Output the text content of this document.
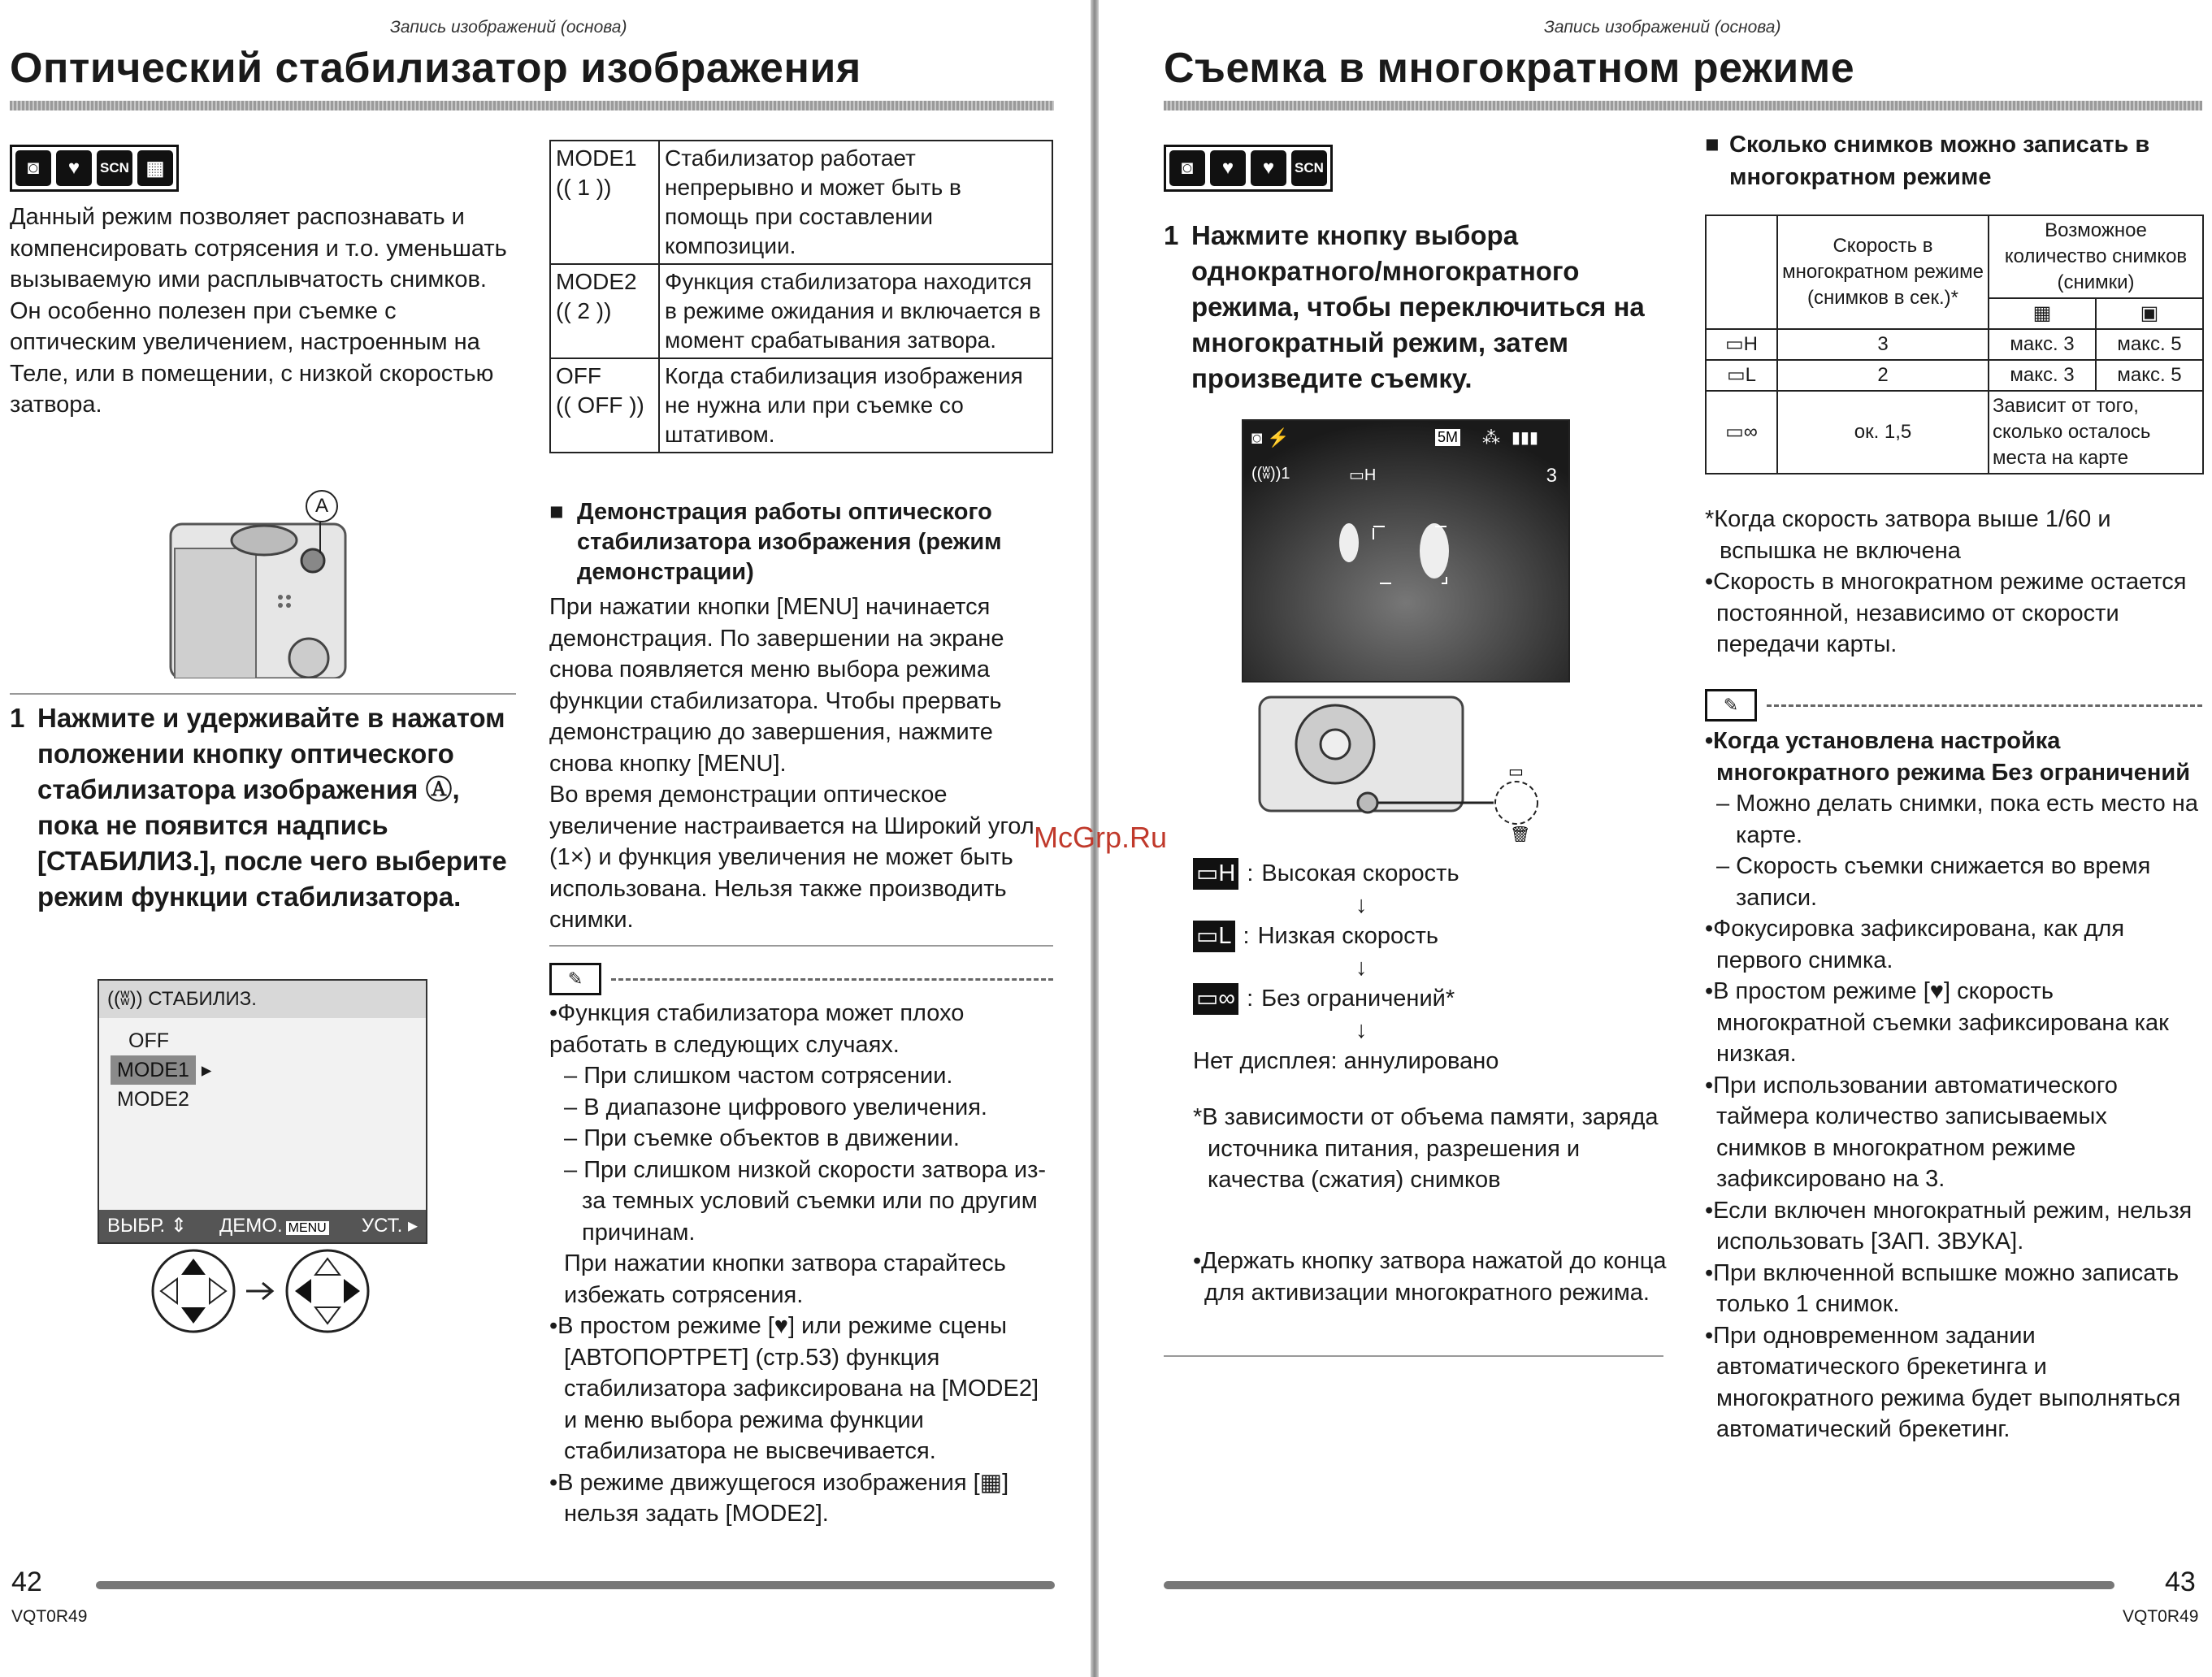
Запись изображений (основа)
Оптический стабилизатор изображения
◙	♥	SCN ▦
Данный режим позволяет распознавать и компенсировать сотрясения и т.о. уменьшать вызываемую ими расплывчатость снимков. Он особенно полезен при съемке с оптическим увеличением, настроенным на Теле, или в помещении, с низкой скоростью затвора.
A
1 Нажмите и удерживайте в нажатом положении кнопку оптического стабилизатора изображения Ⓐ, пока не появится надпись [СТАБИЛИЗ.], после чего выберите режим функции стабилизатора.
((ʬ)) СТАБИЛИЗ.
OFF
MODE1 ▸
MODE2
ВЫБР. ⇕ ДЕМО. MENU УСТ. ▸
MODE1
(( 1 ))	Стабилизатор работает непрерывно и может быть в помощь при составлении композиции.

MODE2
(( 2 ))	Функция стабилизатора находится в режиме ожидания и включается в момент срабатывания затвора.

OFF
(( OFF ))	Когда стабилизация изображения не нужна или при съемке со штативом.
■ Демонстрация работы оптического стабилизатора изображения (режим демонстрации)

При нажатии кнопки [MENU] начинается демонстрация. По завершении на экране снова появляется меню выбора режима функции стабилизатора. Чтобы прервать демонстрацию до завершения, нажмите снова кнопку [MENU].

Во время демонстрации оптическое увеличение настраивается на Широкий угол (1×) и функция увеличения не может быть использована. Нельзя также производить снимки.

✎

•Функция стабилизатора может плохо работать в следующих случаях.

– При слишком частом сотрясении.

– В диапазоне цифрового увеличения.

– При съемке объектов в движении.

– При слишком низкой скорости затвора из-за темных условий съемки или по другим причинам.

При нажатии кнопки затвора старайтесь избежать сотрясения.

•В простом режиме [♥] или режиме сцены [АВТОПОРТРЕТ] (стр.53) функция стабилизатора зафиксирована на [MODE2] и меню выбора режима функции стабилизатора не высвечивается.

•В режиме движущегося изображения [▦] нельзя задать [MODE2].

42
VQT0R49
McGrp.Ru
Запись изображений (основа)
Съемка в многократном режиме
◙	♥	♥	SCN
1 Нажмите кнопку выбора однократного/многократного режима, чтобы переключиться на многократный режим, затем произведите съемку.
◙ ⚡
((ʬ))1	▭H
5M ⁂ ▮▮▮
3
▭
🗑
▭H : Высокая скорость
↓
▭L : Низкая скорость
↓
▭∞ : Без ограничений*
↓
Нет дисплея: аннулировано
*В зависимости от объема памяти, заряда источника питания, разрешения и качества (сжатия) снимков
•Держать кнопку затвора нажатой до конца для активизации многократного режима.
■ Сколько снимков можно записать в многократном режиме
	Скорость в многократном режиме (снимков в сек.)*	Возможное количество снимков (снимки)	
		▦	▣
▭H	3	макс. 3	макс. 5
▭L	2	макс. 3	макс. 5
▭∞	ок. 1,5	Зависит от того, сколько осталось места на карте	

*Когда скорость затвора выше 1/60 и вспышка не включена

•Скорость в многократном режиме остается постоянной, независимо от скорости передачи карты.

✎

•Когда установлена настройка многократного режима Без ограничений

– Можно делать снимки, пока есть место на карте.

– Скорость съемки снижается во время записи.

•Фокусировка зафиксирована, как для первого снимка.

•В простом режиме [♥] скорость многократной съемки зафиксирована как низкая.

•При использовании автоматического таймера количество записываемых снимков в многократном режиме зафиксировано на 3.

•Если включен многократный режим, нельзя использовать [ЗАП. ЗВУКА].

•При включенной вспышке можно записать только 1 снимок.

•При одновременном задании автоматического брекетинга и многократного режима будет выполняться автоматический брекетинг.

43
VQT0R49
